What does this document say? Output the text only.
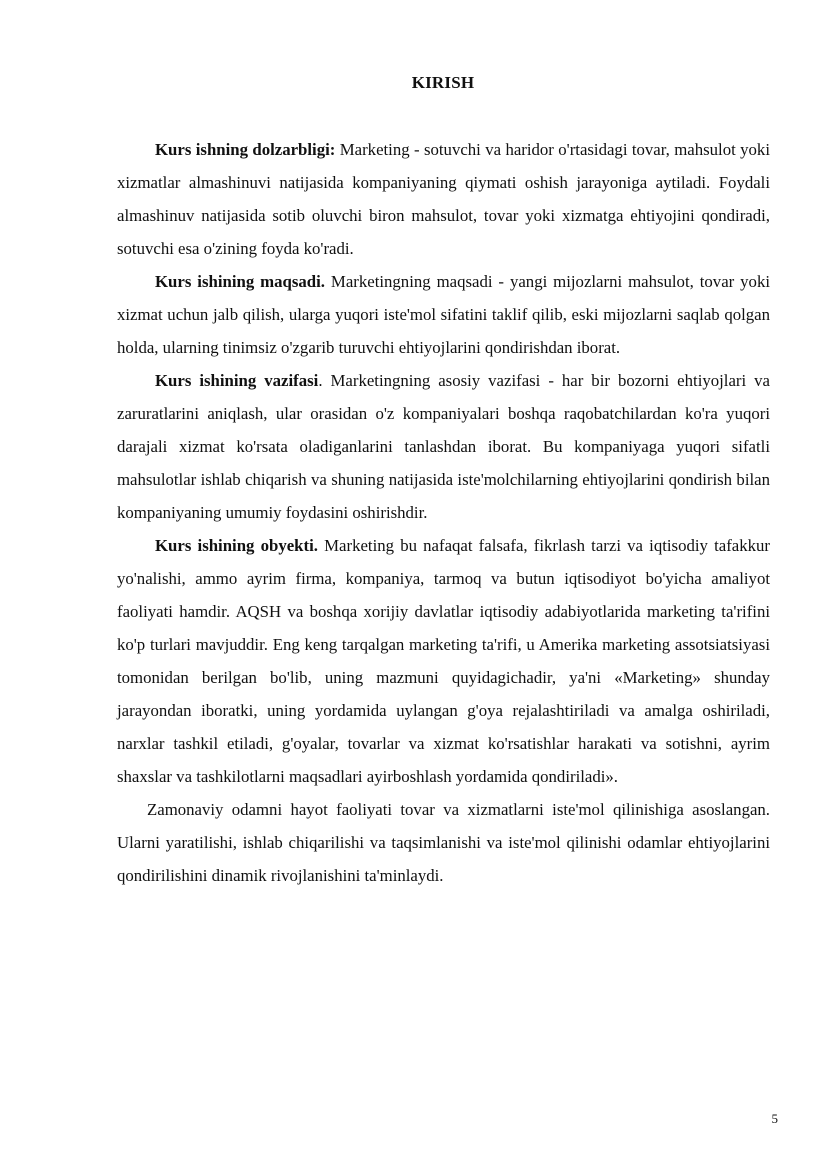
KIRISH

Kurs ishning dolzarbligi: Marketing - sotuvchi va haridor o'rtasidagi tovar, mahsulot yoki xizmatlar almashinuvi natijasida kompaniyaning qiymati oshish jarayoniga aytiladi. Foydali almashinuv natijasida sotib oluvchi biron mahsulot, tovar yoki xizmatga ehtiyojini qondiradi, sotuvchi esa o'zining foyda ko'radi.

Kurs ishining maqsadi. Marketingning maqsadi - yangi mijozlarni mahsulot, tovar yoki xizmat uchun jalb qilish, ularga yuqori iste'mol sifatini taklif qilib, eski mijozlarni saqlab qolgan holda, ularning tinimsiz o'zgarib turuvchi ehtiyojlarini qondirishdan iborat.

Kurs ishining vazifasi. Marketingning asosiy vazifasi - har bir bozorni ehtiyojlari va zaruratlarini aniqlash, ular orasidan o'z kompaniyalari boshqa raqobatchilardan ko'ra yuqori darajali xizmat ko'rsata oladiganlarini tanlashdan iborat. Bu kompaniyaga yuqori sifatli mahsulotlar ishlab chiqarish va shuning natijasida iste'molchilarning ehtiyojlarini qondirish bilan kompaniyaning umumiy foydasini oshirishdir.

Kurs ishining obyekti. Marketing bu nafaqat falsafa, fikrlash tarzi va iqtisodiy tafakkur yo'nalishi, ammo ayrim firma, kompaniya, tarmoq va butun iqtisodiyot bo'yicha amaliyot faoliyati hamdir. AQSH va boshqa xorijiy davlatlar iqtisodiy adabiyotlarida marketing ta'rifini ko'p turlari mavjuddir. Eng keng tarqalgan marketing ta'rifi, u Amerika marketing assotsiatsiyasi tomonidan berilgan bo'lib, uning mazmuni quyidagichadir, ya'ni «Marketing» shunday jarayondan iboratki, uning yordamida uylangan g'oya rejalashtiriladi va amalga oshiriladi, narxlar tashkil etiladi, g'oyalar, tovarlar va xizmat ko'rsatishlar harakati va sotishni, ayrim shaxslar va tashkilotlarni maqsadlari ayirboshlash yordamida qondiriladi».

Zamonaviy odamni hayot faoliyati tovar va xizmatlarni iste'mol qilinishiga asoslangan. Ularni yaratilishi, ishlab chiqarilishi va taqsimlanishi va iste'mol qilinishi odamlar ehtiyojlarini qondirilishini dinamik rivojlanishini ta'minlaydi.

5
